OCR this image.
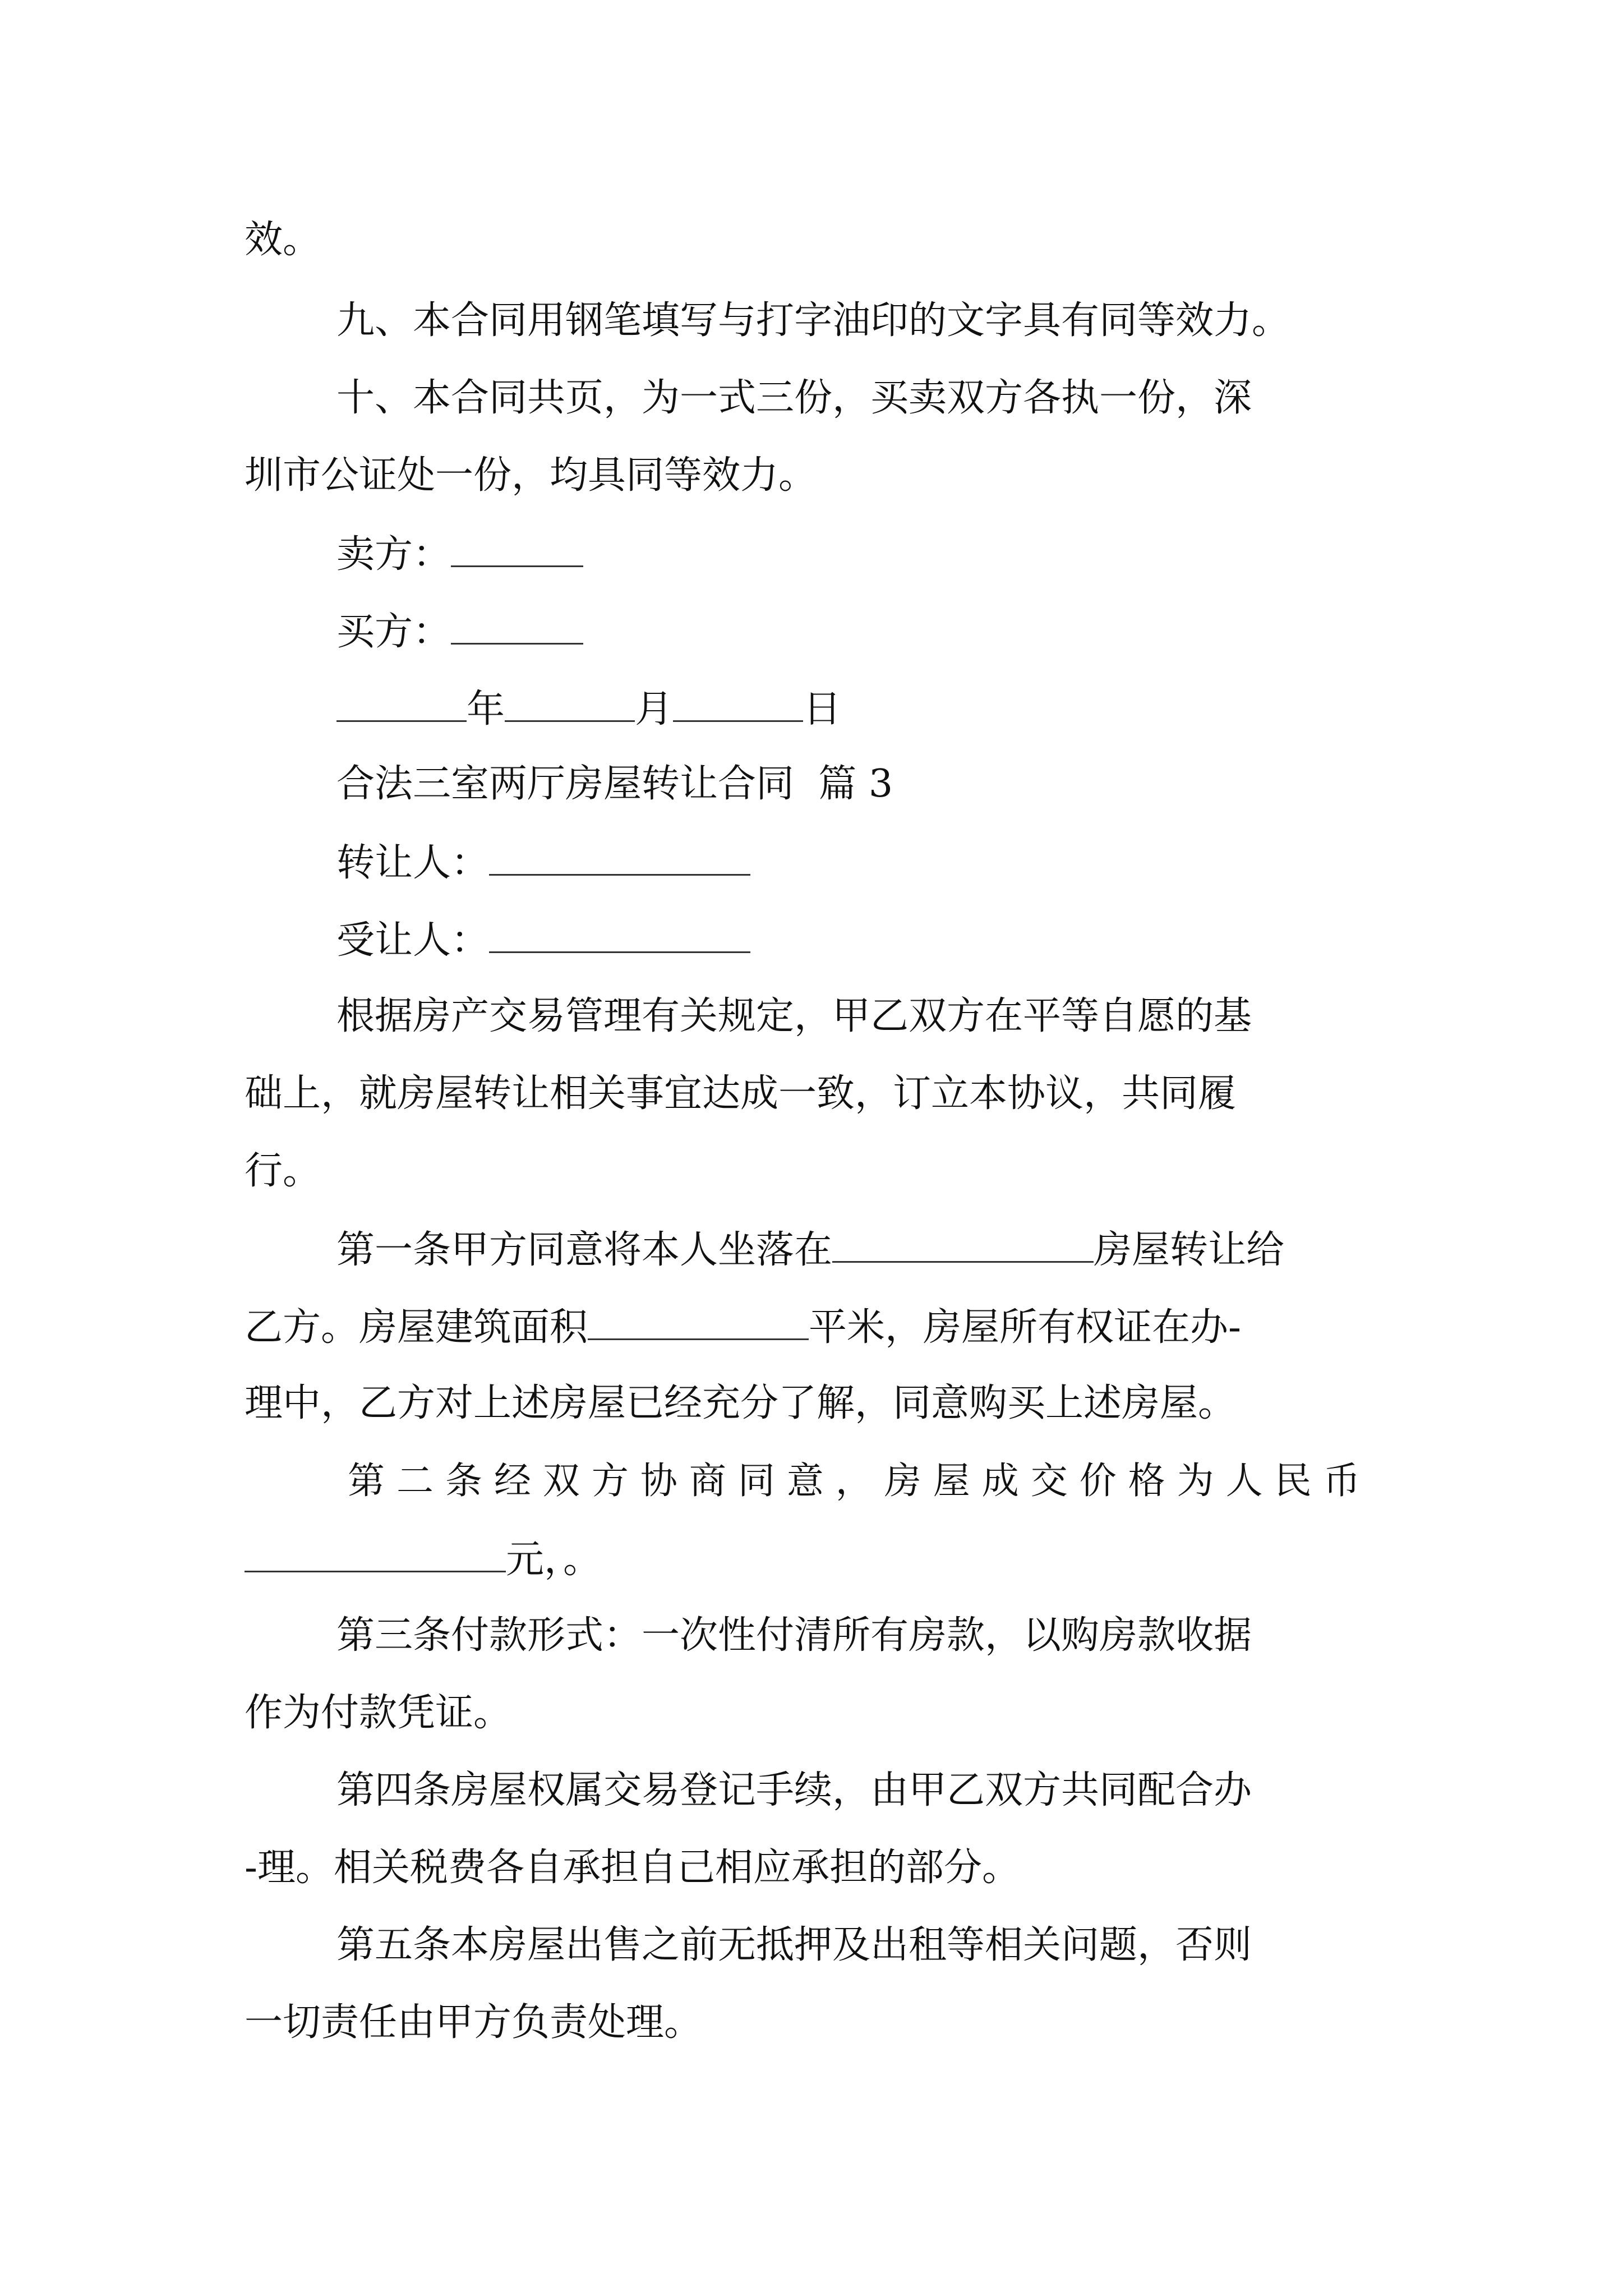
效。
九、本合同用钢笔填写与打字油印的文字具有同等效力。
十、本合同共页，为一式三份，买卖双方各执一份，深
圳市公证处一份，均具同等效力。
卖方：
买方：
年	月	日
合法三室两厅房屋转让合同  篇 3
转让人：
受让人：
根据房产交易管理有关规定，甲乙双方在平等自愿的基
础上，就房屋转让相关事宜达成一致，订立本协议，共同履
行。
第一条甲方同意将本人坐落在	房屋转让给
乙方。房屋建筑面积	平米，房屋所有权证在办-
理中，乙方对上述房屋已经充分了解，同意购买上述房屋。
第 二 条 经 双 方 协 商 同 意 ， 房 屋 成 交 价 格 为 人 民 币
元，。
第三条付款形式：一次性付清所有房款，以购房款收据
作为付款凭证。
第四条房屋权属交易登记手续，由甲乙双方共同配合办
-理。相关税费各自承担自己相应承担的部分。
第五条本房屋出售之前无抵押及出租等相关问题，否则
一切责任由甲方负责处理。
